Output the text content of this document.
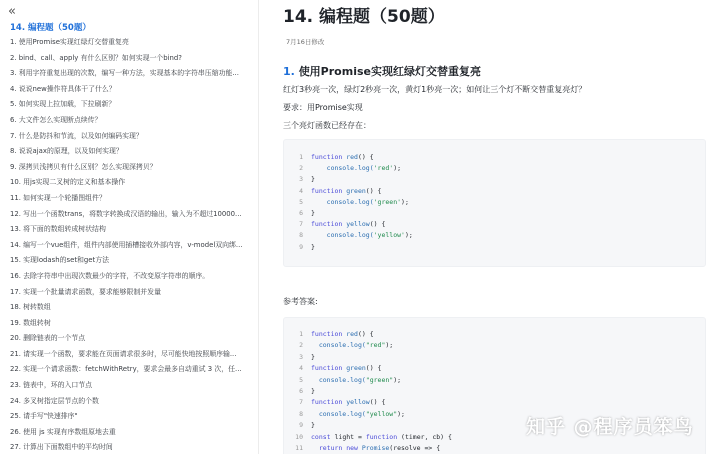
«
14. 编程题（50题）
1. 使用Promise实现红绿灯交替重复亮
2. bind、call、apply 有什么区别？如何实现一个bind?
3. 利用字符重复出现的次数，编写一种方法，实现基本的字符串压缩功能...
4. 说说new操作符具体干了什么？
5. 如何实现上拉加载，下拉刷新？
6. 大文件怎么实现断点续传？
7. 什么是防抖和节流，以及如何编码实现？
8. 说说ajax的原理，以及如何实现？
9. 深拷贝浅拷贝有什么区别？怎么实现深拷贝？
10. 用js实现二叉树的定义和基本操作
11. 如何实现一个轮播图组件？
12. 写出一个函数trans，将数字转换成汉语的输出，输入为不超过10000...
13. 将下面的数组转成树状结构
14. 编写一个vue组件，组件内部使用插槽接收外部内容，v-model双向绑...
15. 实现lodash的set和get方法
16. 去除字符串中出现次数最少的字符，不改变原字符串的顺序。
17. 实现一个批量请求函数，要求能够限制并发量
18. 树转数组
19. 数组转树
20. 删除链表的一个节点
21. 请实现一个函数，要求能在页面请求很多时，尽可能快地按照顺序输...
22. 实现一个请求函数：fetchWithRetry，要求会最多自动重试 3 次，任...
23. 链表中，环的入口节点
24. 多叉树指定层节点的个数
25. 请手写"快速排序"
26. 使用 js 实现有序数组原地去重
27. 计算出下面数组中的平均时间
14. 编程题（50题）
7月16日修改
1. 使用Promise实现红绿灯交替重复亮
红灯3秒亮一次，绿灯2秒亮一次，黄灯1秒亮一次；如何让三个灯不断交替重复亮灯？
要求：用Promise实现
三个亮灯函数已经存在：
1 function red() {
2    console.log('red');
3 }
4 function green() {
5    console.log('green');
6 }
7 function yellow() {
8    console.log('yellow');
9 }
参考答案:
1 function red() {
2  console.log("red");
3 }
4 function green() {
5  console.log("green");
6 }
7 function yellow() {
8  console.log("yellow");
9 }
10 const light = function (timer, cb) {
11  return new Promise(resolve => {
知乎 @程序员笨鸟
